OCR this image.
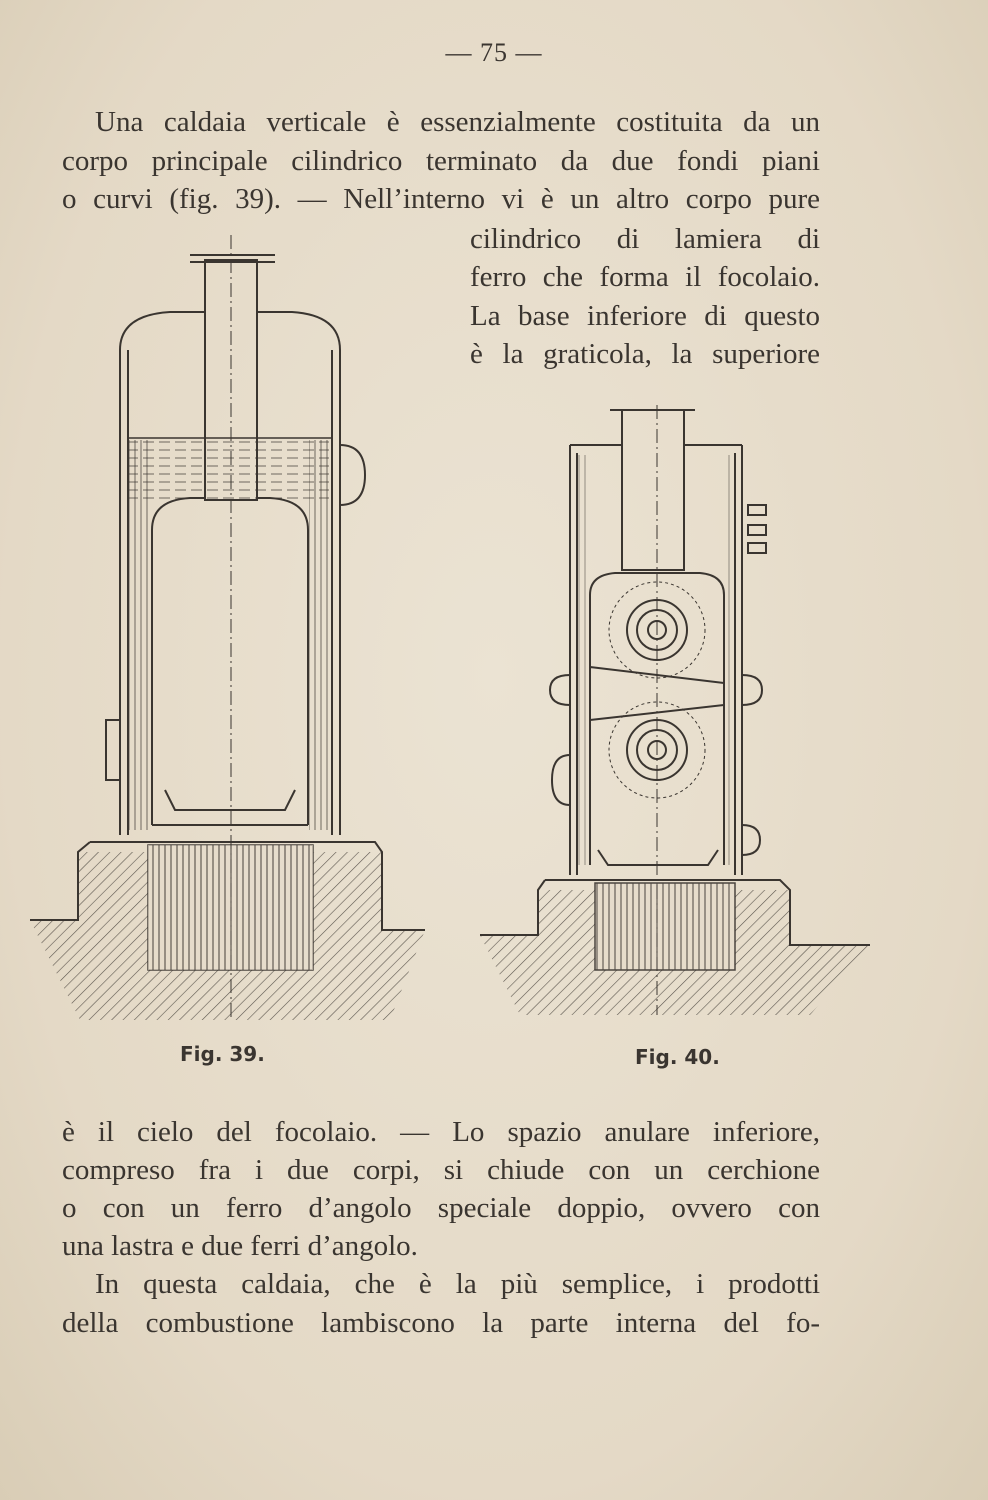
— 75 —
Una caldaia verticale è essenzialmente costituita da un
corpo principale cilindrico terminato da due fondi piani
o curvi (fig. 39). — Nell’interno vi è un altro corpo pure
cilindrico di lamiera di
ferro che forma il focolaio.
La base inferiore di questo
è la graticola, la superiore
Fig. 39.	Fig. 40.
è il cielo del focolaio. — Lo spazio anulare inferiore,
compreso fra i due corpi, si chiude con un cerchione
o con un ferro d’angolo speciale doppio, ovvero con
una lastra e due ferri d’angolo.
In questa caldaia, che è la più semplice, i prodotti
della combustione lambiscono la parte interna del fo-
